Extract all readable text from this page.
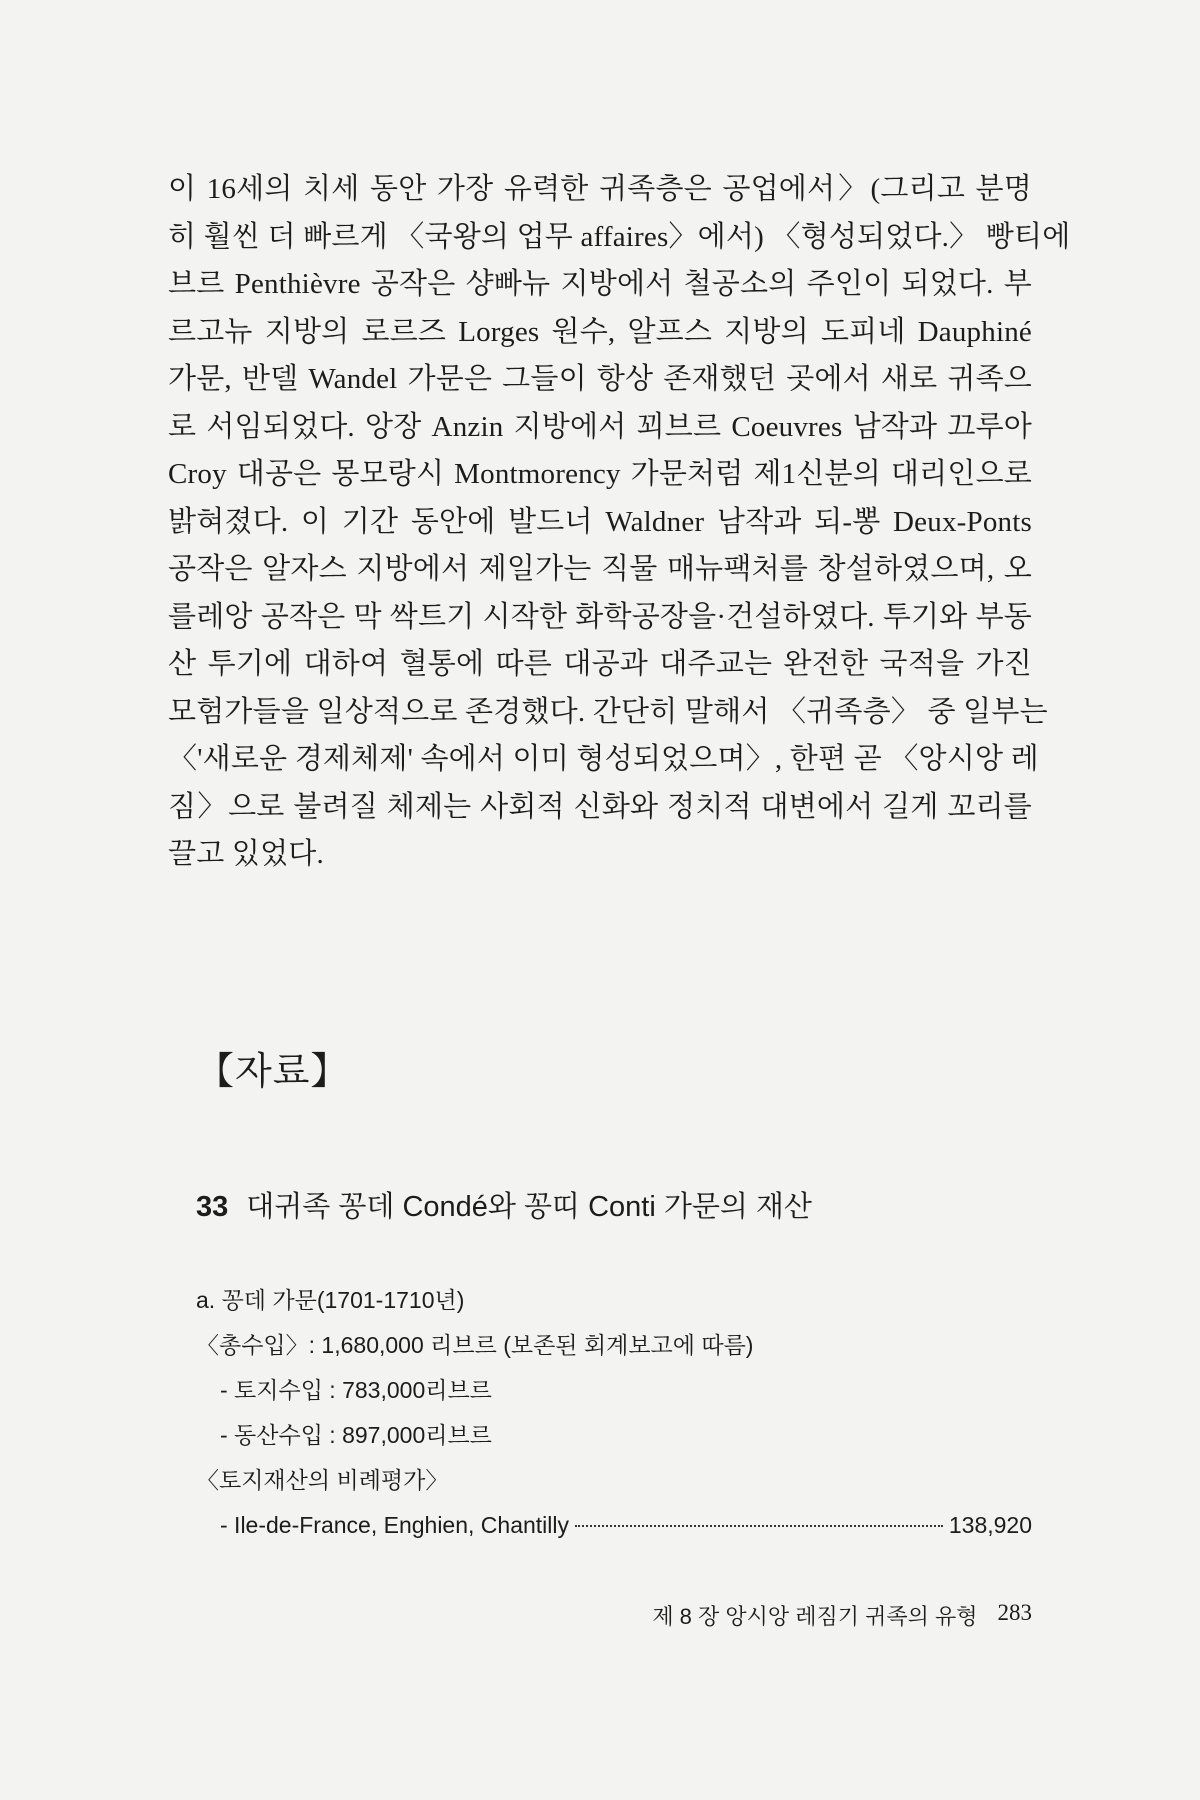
이 16세의 치세 동안 가장 유력한 귀족층은 공업에서〉(그리고 분명
히 훨씬 더 빠르게 〈국왕의 업무 affaires〉에서) 〈형성되었다.〉 빵티에
브르 Penthièvre 공작은 샹빠뉴 지방에서 철공소의 주인이 되었다. 부
르고뉴 지방의 로르즈 Lorges 원수, 알프스 지방의 도피네 Dauphiné
가문, 반델 Wandel 가문은 그들이 항상 존재했던 곳에서 새로 귀족으
로 서임되었다. 앙장 Anzin 지방에서 꾀브르 Coeuvres 남작과 끄루아
Croy 대공은 몽모랑시 Montmorency 가문처럼 제1신분의 대리인으로
밝혀졌다. 이 기간 동안에 발드너 Waldner 남작과 되-뽕 Deux-Ponts
공작은 알자스 지방에서 제일가는 직물 매뉴팩처를 창설하였으며, 오
를레앙 공작은 막 싹트기 시작한 화학공장을·건설하였다. 투기와 부동
산 투기에 대하여 혈통에 따른 대공과 대주교는 완전한 국적을 가진
모험가들을 일상적으로 존경했다. 간단히 말해서 〈귀족층〉 중 일부는
〈'새로운 경제체제' 속에서 이미 형성되었으며〉, 한편 곧 〈앙시앙 레
짐〉으로 불려질 체제는 사회적 신화와 정치적 대변에서 길게 꼬리를
끌고 있었다.
【자료】
33 대귀족 꽁데 Condé와 꽁띠 Conti 가문의 재산
a. 꽁데 가문(1701-1710년)
〈총수입〉: 1,680,000 리브르 (보존된 회계보고에 따름)
- 토지수입 : 783,000리브르
- 동산수입 : 897,000리브르
〈토지재산의 비례평가〉
- Ile-de-France, Enghien, Chantilly	138,920
제 8 장 앙시앙 레짐기 귀족의 유형 283
